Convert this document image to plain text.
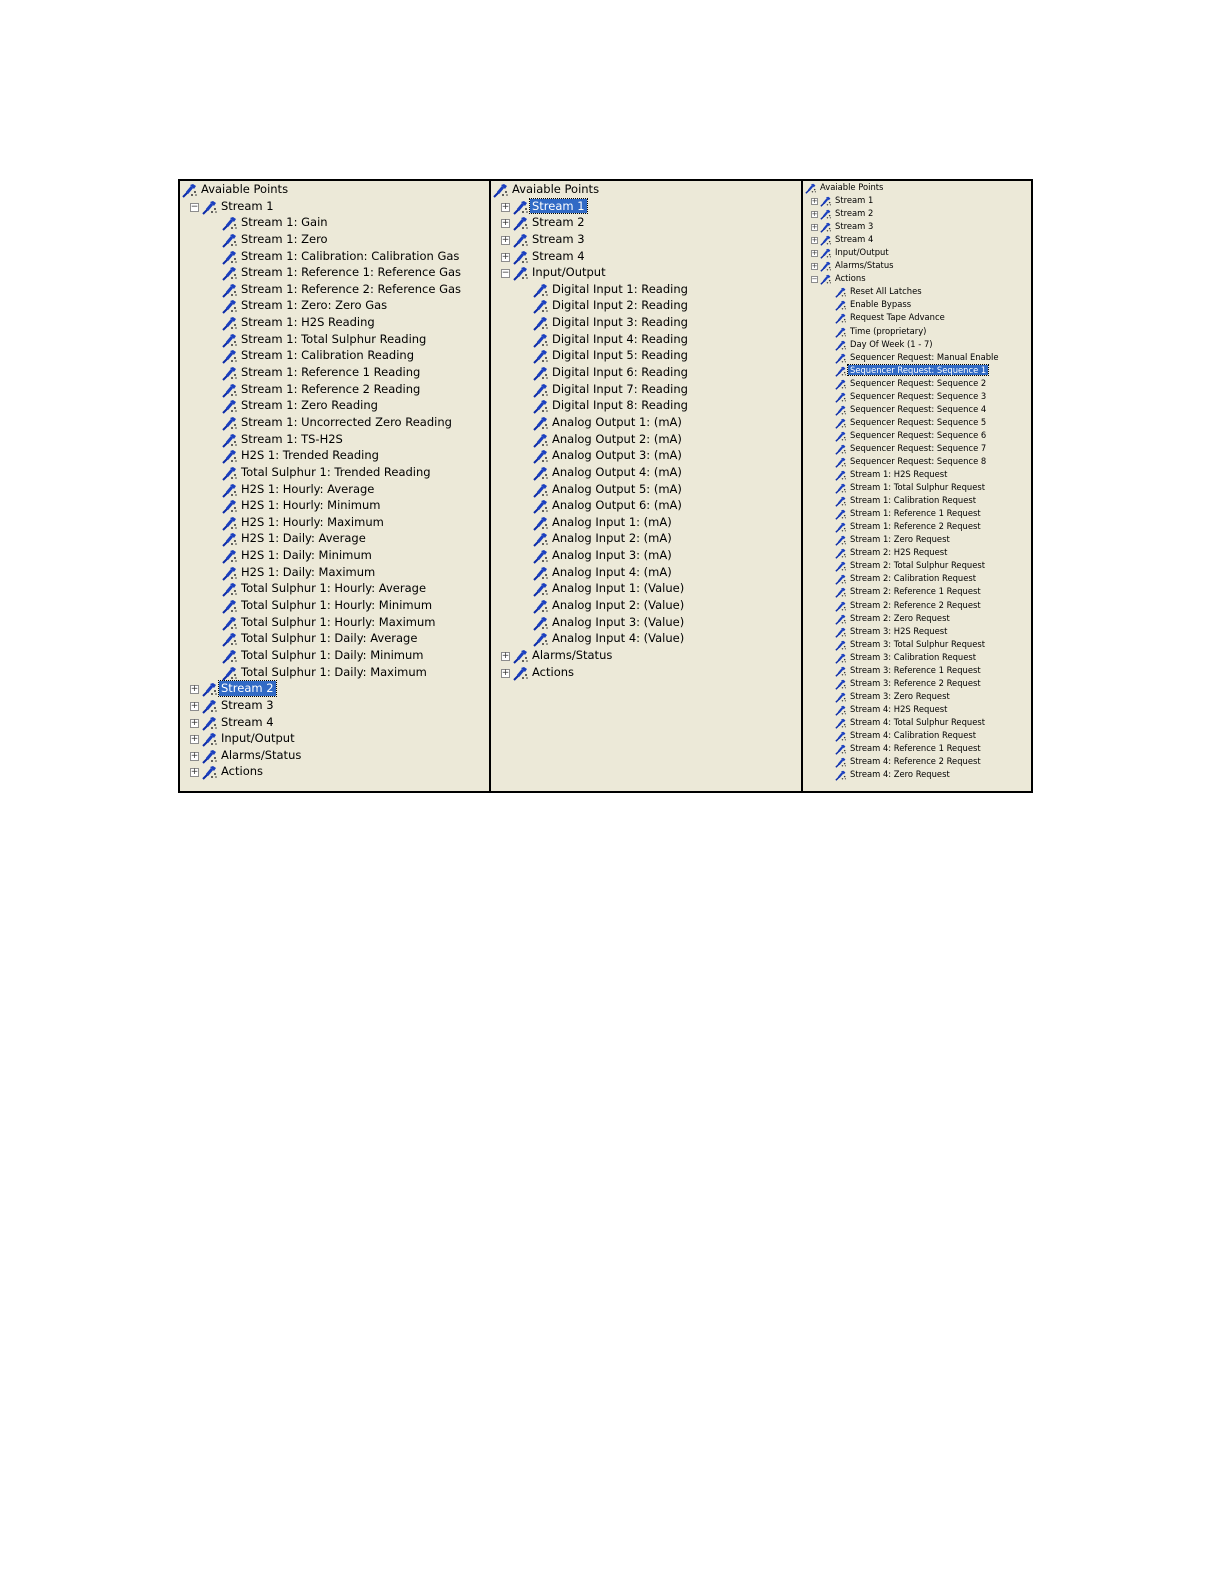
Avaiable Points
− Stream 1
Stream 1: Gain
Stream 1: Zero
Stream 1: Calibration: Calibration Gas
Stream 1: Reference 1: Reference Gas
Stream 1: Reference 2: Reference Gas
Stream 1: Zero: Zero Gas
Stream 1: H2S Reading
Stream 1: Total Sulphur Reading
Stream 1: Calibration Reading
Stream 1: Reference 1 Reading
Stream 1: Reference 2 Reading
Stream 1: Zero Reading
Stream 1: Uncorrected Zero Reading
Stream 1: TS-H2S
H2S 1: Trended Reading
Total Sulphur 1: Trended Reading
H2S 1: Hourly: Average
H2S 1: Hourly: Minimum
H2S 1: Hourly: Maximum
H2S 1: Daily: Average
H2S 1: Daily: Minimum
H2S 1: Daily: Maximum
Total Sulphur 1: Hourly: Average
Total Sulphur 1: Hourly: Minimum
Total Sulphur 1: Hourly: Maximum
Total Sulphur 1: Daily: Average
Total Sulphur 1: Daily: Minimum
Total Sulphur 1: Daily: Maximum
+ Stream 2
+ Stream 3
+ Stream 4
+ Input/Output
+ Alarms/Status
+ Actions
Avaiable Points
+ Stream 1
+ Stream 2
+ Stream 3
+ Stream 4
− Input/Output
Digital Input 1: Reading
Digital Input 2: Reading
Digital Input 3: Reading
Digital Input 4: Reading
Digital Input 5: Reading
Digital Input 6: Reading
Digital Input 7: Reading
Digital Input 8: Reading
Analog Output 1: (mA)
Analog Output 2: (mA)
Analog Output 3: (mA)
Analog Output 4: (mA)
Analog Output 5: (mA)
Analog Output 6: (mA)
Analog Input 1: (mA)
Analog Input 2: (mA)
Analog Input 3: (mA)
Analog Input 4: (mA)
Analog Input 1: (Value)
Analog Input 2: (Value)
Analog Input 3: (Value)
Analog Input 4: (Value)
+ Alarms/Status
+ Actions
Avaiable Points
+ Stream 1
+ Stream 2
+ Stream 3
+ Stream 4
+ Input/Output
+ Alarms/Status
− Actions
Reset All Latches
Enable Bypass
Request Tape Advance
Time (proprietary)
Day Of Week (1 - 7)
Sequencer Request: Manual Enable
Sequencer Request: Sequence 1
Sequencer Request: Sequence 2
Sequencer Request: Sequence 3
Sequencer Request: Sequence 4
Sequencer Request: Sequence 5
Sequencer Request: Sequence 6
Sequencer Request: Sequence 7
Sequencer Request: Sequence 8
Stream 1: H2S Request
Stream 1: Total Sulphur Request
Stream 1: Calibration Request
Stream 1: Reference 1 Request
Stream 1: Reference 2 Request
Stream 1: Zero Request
Stream 2: H2S Request
Stream 2: Total Sulphur Request
Stream 2: Calibration Request
Stream 2: Reference 1 Request
Stream 2: Reference 2 Request
Stream 2: Zero Request
Stream 3: H2S Request
Stream 3: Total Sulphur Request
Stream 3: Calibration Request
Stream 3: Reference 1 Request
Stream 3: Reference 2 Request
Stream 3: Zero Request
Stream 4: H2S Request
Stream 4: Total Sulphur Request
Stream 4: Calibration Request
Stream 4: Reference 1 Request
Stream 4: Reference 2 Request
Stream 4: Zero Request
